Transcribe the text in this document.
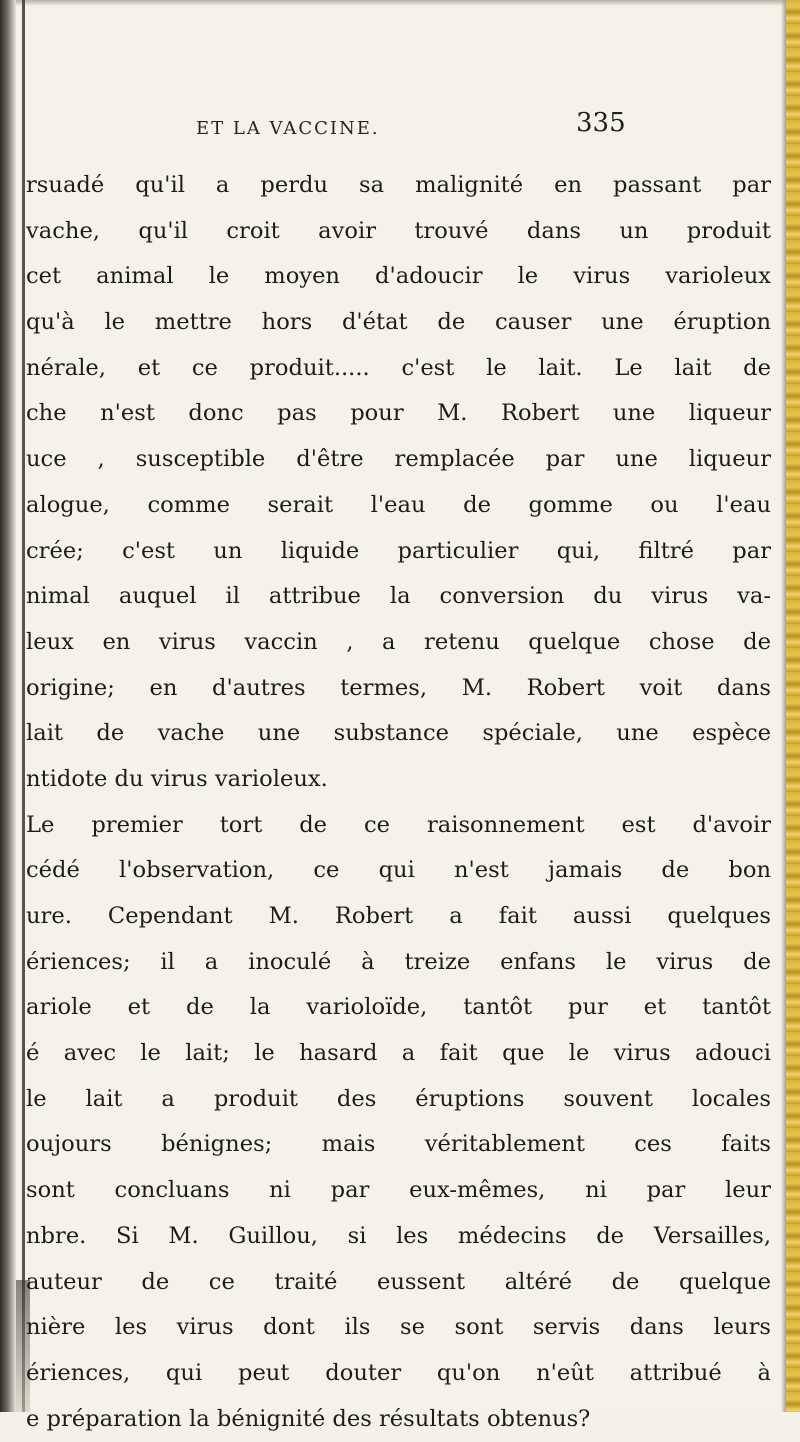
ET LA VACCINE.	335
rsuadé qu'il a perdu sa malignité en passant par
vache, qu'il croit avoir trouvé dans un produit
cet animal le moyen d'adoucir le virus varioleux
qu'à le mettre hors d'état de causer une éruption
nérale, et ce produit..... c'est le lait. Le lait de
che n'est donc pas pour M. Robert une liqueur
uce , susceptible d'être remplacée par une liqueur
alogue, comme serait l'eau de gomme ou l'eau
crée; c'est un liquide particulier qui, filtré par
nimal auquel il attribue la conversion du virus va-
leux en virus vaccin , a retenu quelque chose de
origine; en d'autres termes, M. Robert voit dans
lait de vache une substance spéciale, une espèce
ntidote du virus varioleux.
Le premier tort de ce raisonnement est d'avoir
cédé l'observation, ce qui n'est jamais de bon
ure. Cependant M. Robert a fait aussi quelques
ériences; il a inoculé à treize enfans le virus de
ariole et de la varioloïde, tantôt pur et tantôt
é avec le lait; le hasard a fait que le virus adouci
le lait a produit des éruptions souvent locales
oujours bénignes; mais véritablement ces faits
sont concluans ni par eux-mêmes, ni par leur
nbre. Si M. Guillou, si les médecins de Versailles,
auteur de ce traité eussent altéré de quelque
nière les virus dont ils se sont servis dans leurs
ériences, qui peut douter qu'on n'eût attribué à
e préparation la bénignité des résultats obtenus?
